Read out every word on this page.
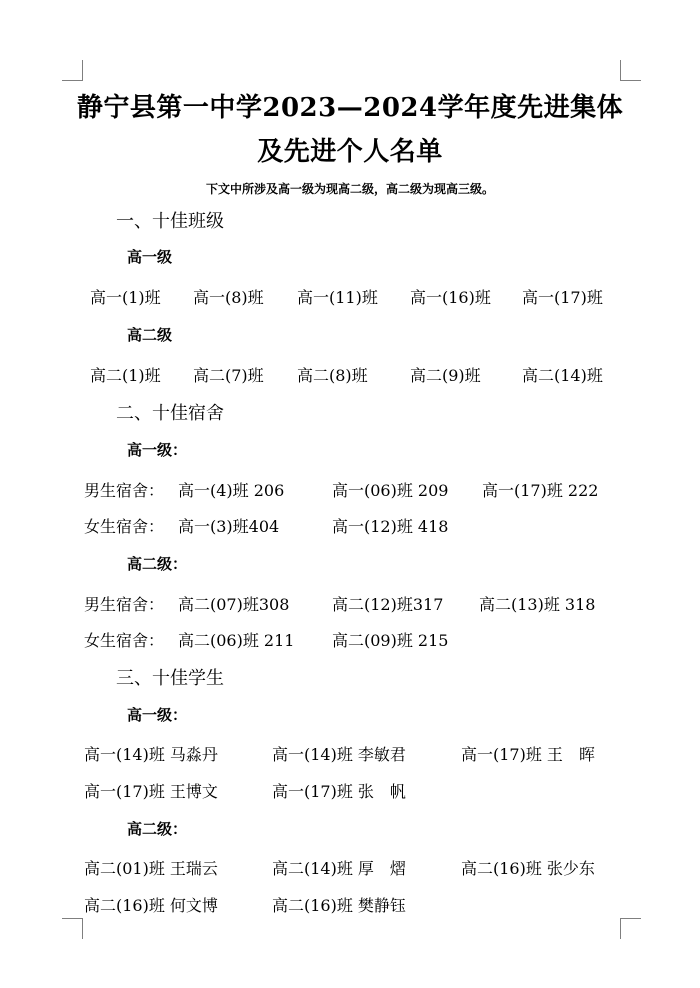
静宁县第一中学2023—2024学年度先进集体
及先进个人名单
下文中所涉及高一级为现高二级，高二级为现高三级。
一、十佳班级
高一级
高一(1)班 高一(8)班 高一(11)班 高一(16)班 高一(17)班
高二级
高二(1)班 高二(7)班 高二(8)班	高二(9)班	高二(14)班
二、十佳宿舍
高一级：
男生宿舍： 高一(4)班 206	高一(06)班 209 高一(17)班 222
女生宿舍： 高一(3)班404	高一(12)班 418
高二级：
男生宿舍： 高二(07)班308	高二(12)班317 高二(13)班 318
女生宿舍： 高二(06)班 211 高二(09)班 215
三、十佳学生
高一级：
高一(14)班 马淼丹	高一(14)班 李敏君	高一(17)班 王　晖
高一(17)班 王博文	高一(17)班 张　帆
高二级：
高二(01)班 王瑞云	高二(14)班 厚　熠	高二(16)班 张少东
高二(16)班 何文博	高二(16)班 樊静钰
